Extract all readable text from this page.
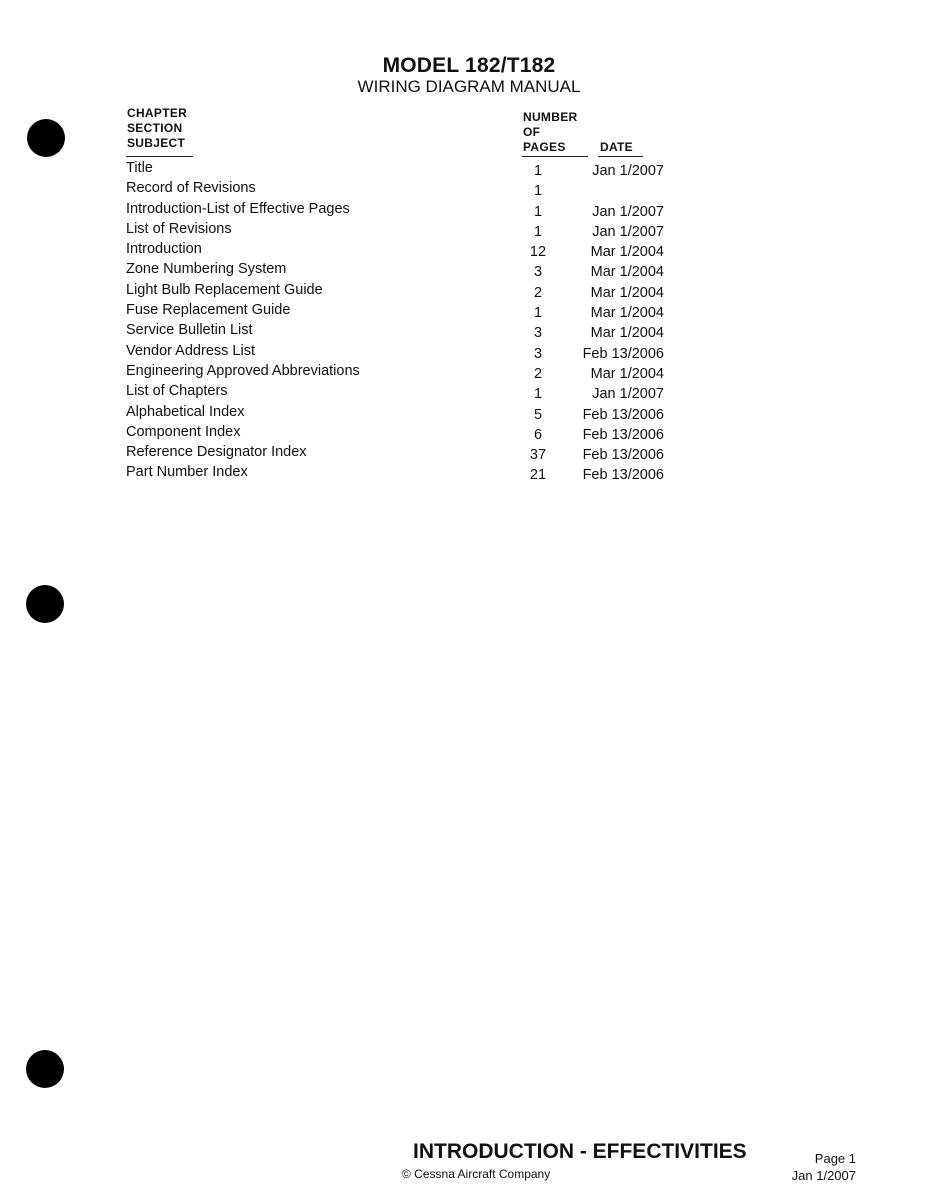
MODEL 182/T182
WIRING DIAGRAM MANUAL
CHAPTER
SECTION
SUBJECT
NUMBER
OF
PAGES	DATE
Title	1	Jan 1/2007
Record of Revisions	1
Introduction-List of Effective Pages	1	Jan 1/2007
List of Revisions	1	Jan 1/2007
Introduction	12	Mar 1/2004
Zone Numbering System	3	Mar 1/2004
Light Bulb Replacement Guide	2	Mar 1/2004
Fuse Replacement Guide	1	Mar 1/2004
Service Bulletin List	3	Mar 1/2004
Vendor Address List	3	Feb 13/2006
Engineering Approved Abbreviations	2	Mar 1/2004
List of Chapters	1	Jan 1/2007
Alphabetical Index	5	Feb 13/2006
Component Index	6	Feb 13/2006
Reference Designator Index	37	Feb 13/2006
Part Number Index	21	Feb 13/2006
INTRODUCTION - EFFECTIVITIES
© Cessna Aircraft Company
Page 1
Jan 1/2007
